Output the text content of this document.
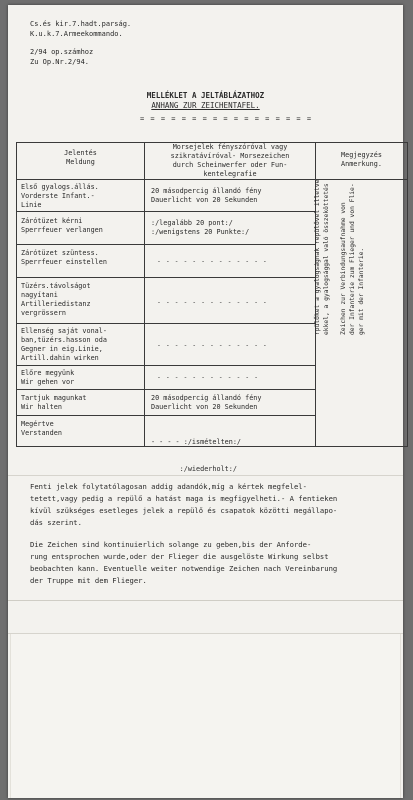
Cs.és kir.7.hadt.parság.
K.u.k.7.Armeekommando.
2/94 op.számhoz
Zu Op.Nr.2/94.
MELLÉKLET A JELTÁBLÁZATHOZ
ANHANG ZUR ZEICHENTAFEL.
= = = = = = = = = = = = = = = = =
Jelentés
Meldung
Morsejelek fényszóróval vagy
szikratávíróval- Morsezeichen
durch Scheinwerfer oder Fun-
kentelegrafie
Megjegyzés
Anmerkung.
Első gyalogs.állás.
Vorderste Infant.-
Linie
20 másodpercig állandó fény
Dauerlicht von 20 Sekunden
Zárótüzet kérni
Sperrfeuer verlangen
:/legalább 20 pont:/
:/wenigstens 20 Punkte:/
Zárótüzet szüntess.
Sperrfeuer einstellen	- - - - - - - - - - - - -
Tüzérs.távolságot
nagyítani
Artilleriedistanz
vergrössern
- - - - - - - - - - - - -
Ellenség saját vonal-
ban,tüzérs.hasson oda
Gegner in eig.Linie,
Artill.dahin wirken
- - - - - - - - - - - - -
Előre megyünk
Wir gehen vor
- - - - - - - - - - - -
Tartjuk magunkat
Wir halten
20 másodpercig állandó fény
Dauerlicht von 20 Sekunden
Megértve
Verstanden

- - - - :/ismételten:/

:/wiederholt:/

rpülőket a gyalogságnak repülővel illetve ekkel, a gyalogsággal való összeköttetés Zeichen zur Verbindungsaufnahme von der Infanterie zum Flieger und von Flie- ger mit der Infanterie.
Fenti jelek folytatólagosan addig adandók,míg a kértek megfelel-
tetett,vagy pedig a repülő a hatást maga is megfigyelheti.- A fentieken
kívül szükséges esetleges jelek a repülő és csapatok közötti megállapo-
dás szerint.
Die Zeichen sind kontinuierlich solange zu geben,bis der Anforde-
rung entsprochen wurde,oder der Flieger die ausgelöste Wirkung selbst
beobachten kann. Eventuelle weiter notwendige Zeichen nach Vereinbarung
der Truppe mit dem Flieger.
